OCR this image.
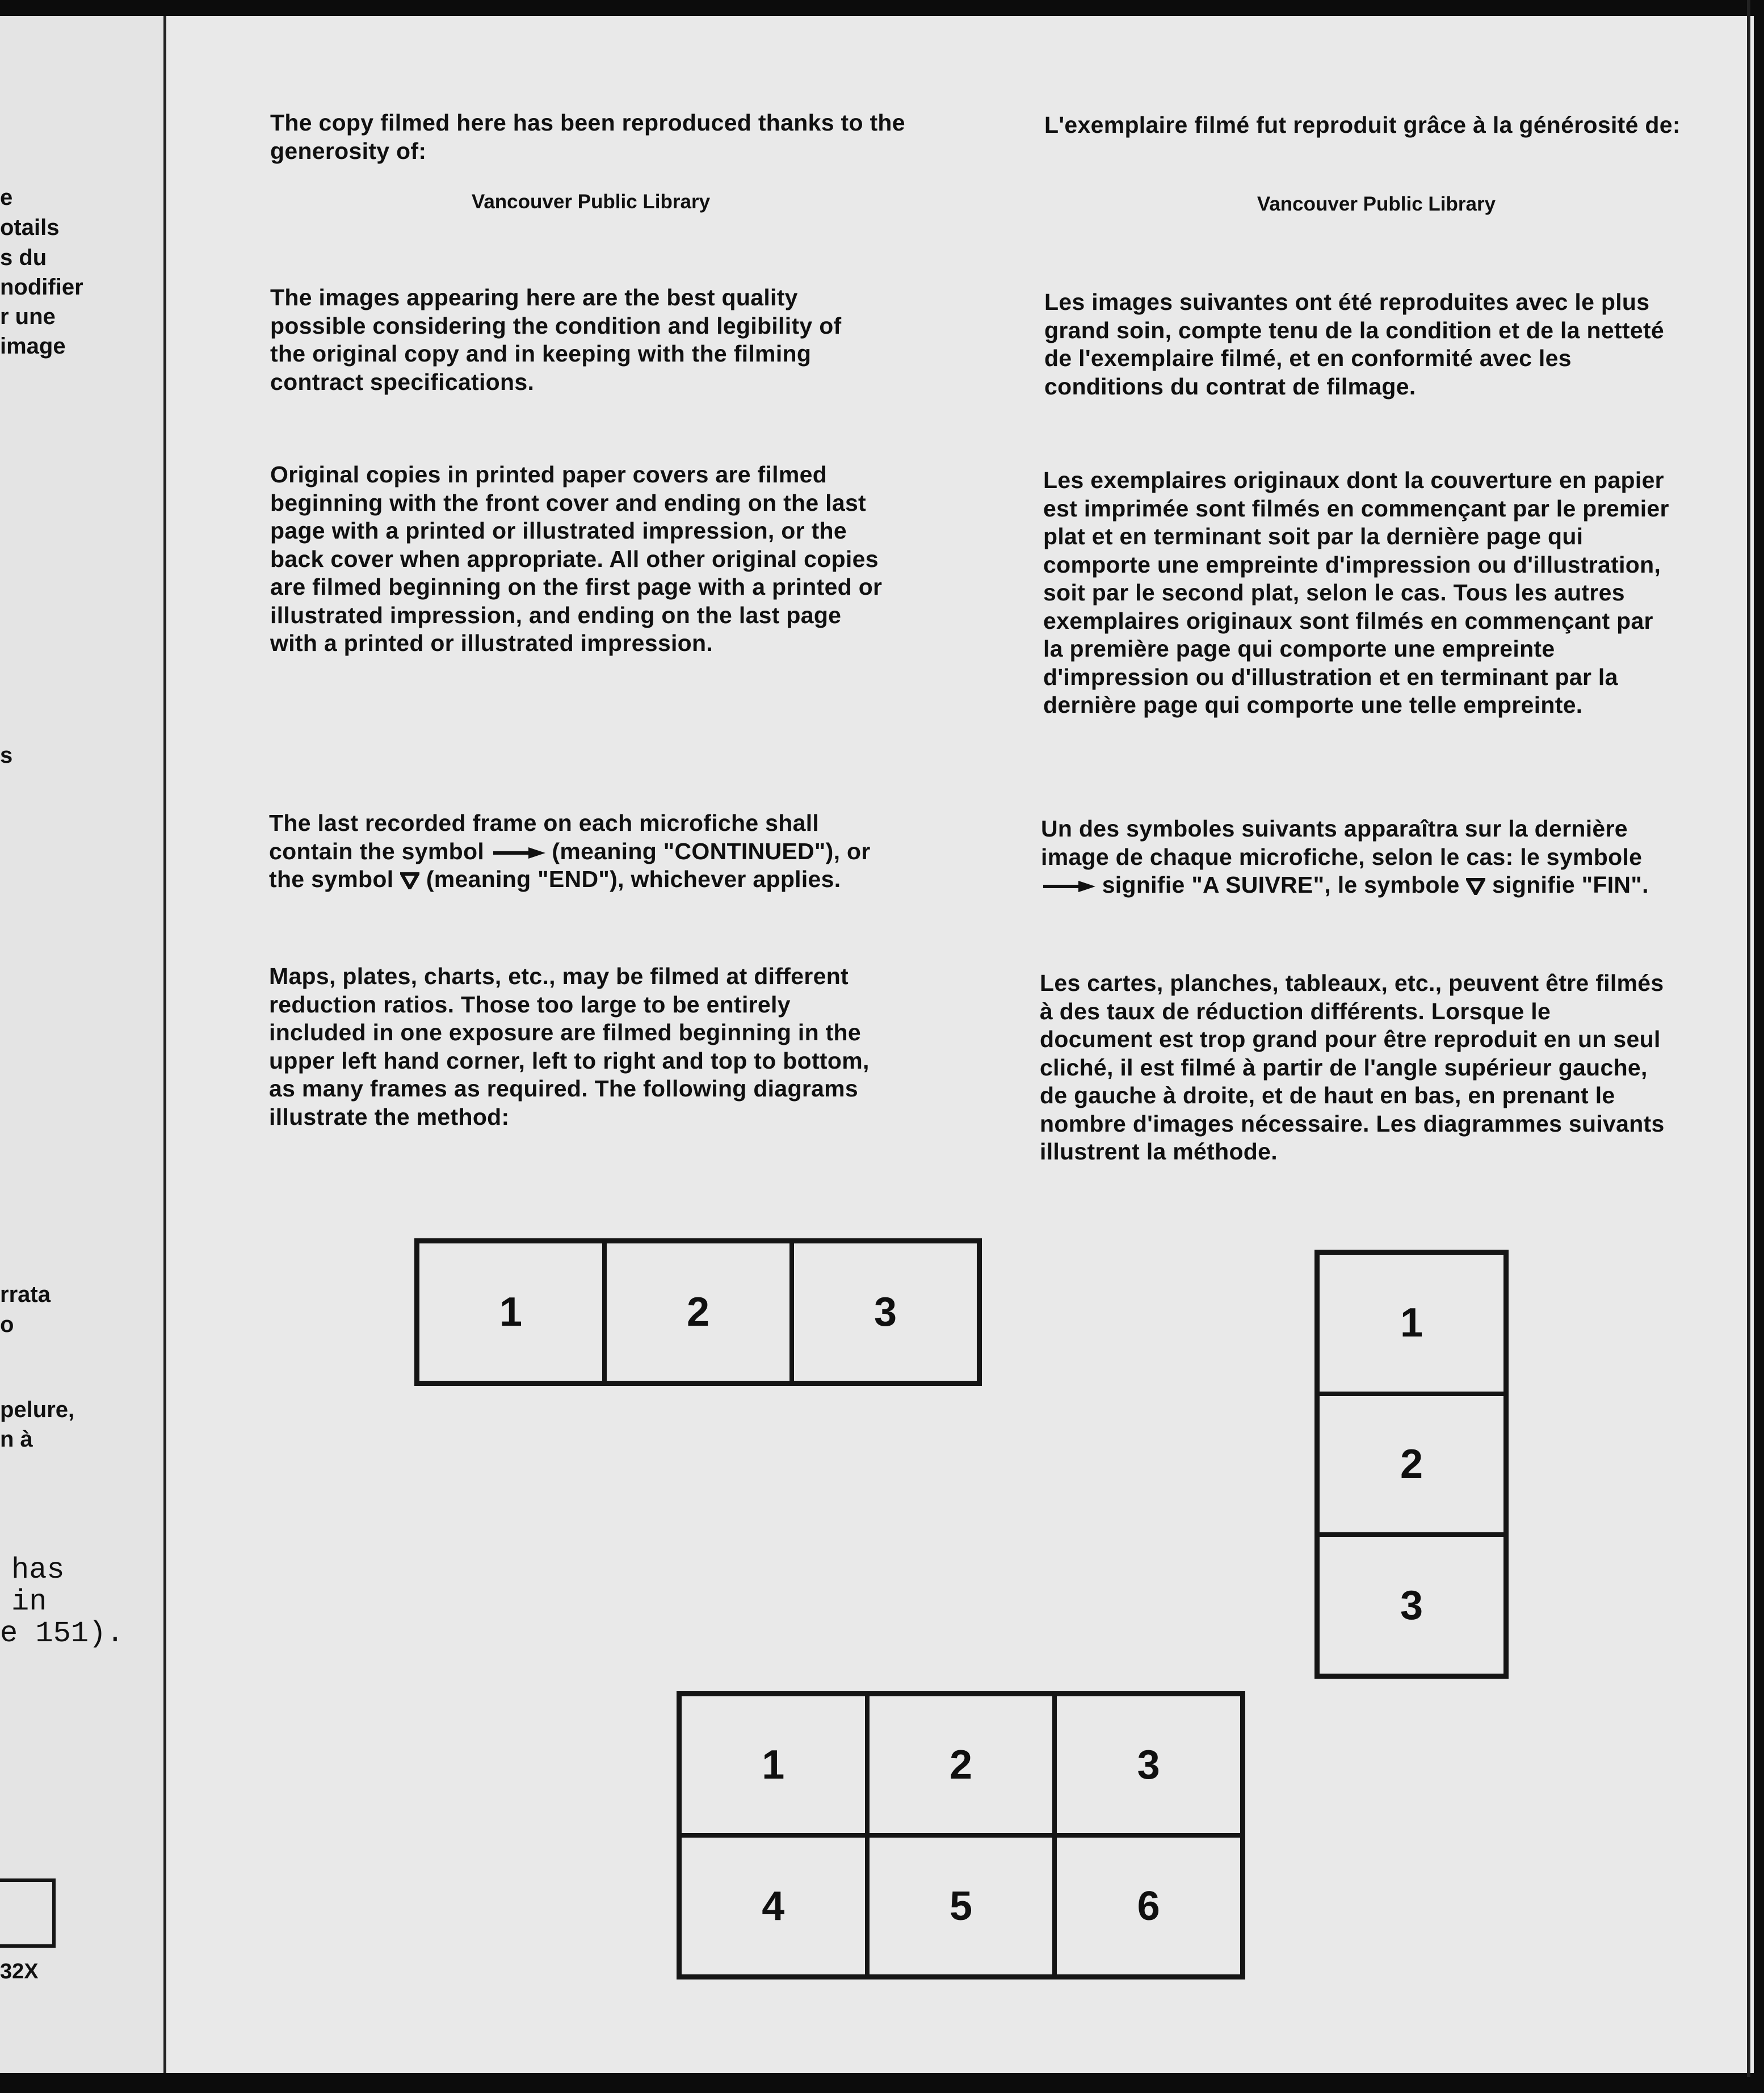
e
otails
s du
nodifier
r une
image
s
rrata
o
pelure,
n à
has
in
e 151).
32X

The copy filmed here has been reproduced thanks to the generosity of:

Vancouver Public Library

The images appearing here are the best quality possible considering the condition and legibility of the original copy and in keeping with the filming contract specifications.

Original copies in printed paper covers are filmed beginning with the front cover and ending on the last page with a printed or illustrated impression, or the back cover when appropriate. All other original copies are filmed beginning on the first page with a printed or illustrated impression, and ending on the last page with a printed or illustrated impression.

The last recorded frame on each microfiche shall contain the symbol	(meaning "CONTINUED"), or the symbol (meaning "END"), whichever applies.

Maps, plates, charts, etc., may be filmed at different reduction ratios. Those too large to be entirely included in one exposure are filmed beginning in the upper left hand corner, left to right and top to bottom, as many frames as required. The following diagrams illustrate the method:

L'exemplaire filmé fut reproduit grâce à la générosité de:

Vancouver Public Library

Les images suivantes ont été reproduites avec le plus grand soin, compte tenu de la condition et de la netteté de l'exemplaire filmé, et en conformité avec les conditions du contrat de filmage.

Les exemplaires originaux dont la couverture en papier est imprimée sont filmés en commençant par le premier plat et en terminant soit par la dernière page qui comporte une empreinte d'impression ou d'illustration, soit par le second plat, selon le cas. Tous les autres exemplaires originaux sont filmés en commençant par la première page qui comporte une empreinte d'impression ou d'illustration et en terminant par la dernière page qui comporte une telle empreinte.

Un des symboles suivants apparaîtra sur la dernière image de chaque microfiche, selon le cas: le symbole  signifie "A SUIVRE", le symbole signifie "FIN".

Les cartes, planches, tableaux, etc., peuvent être filmés à des taux de réduction différents. Lorsque le document est trop grand pour être reproduit en un seul cliché, il est filmé à partir de l'angle supérieur gauche, de gauche à droite, et de haut en bas, en prenant le nombre d'images nécessaire. Les diagrammes suivants illustrent la méthode.

1	2	3	1
2
3
1	2	3
4	5	6
